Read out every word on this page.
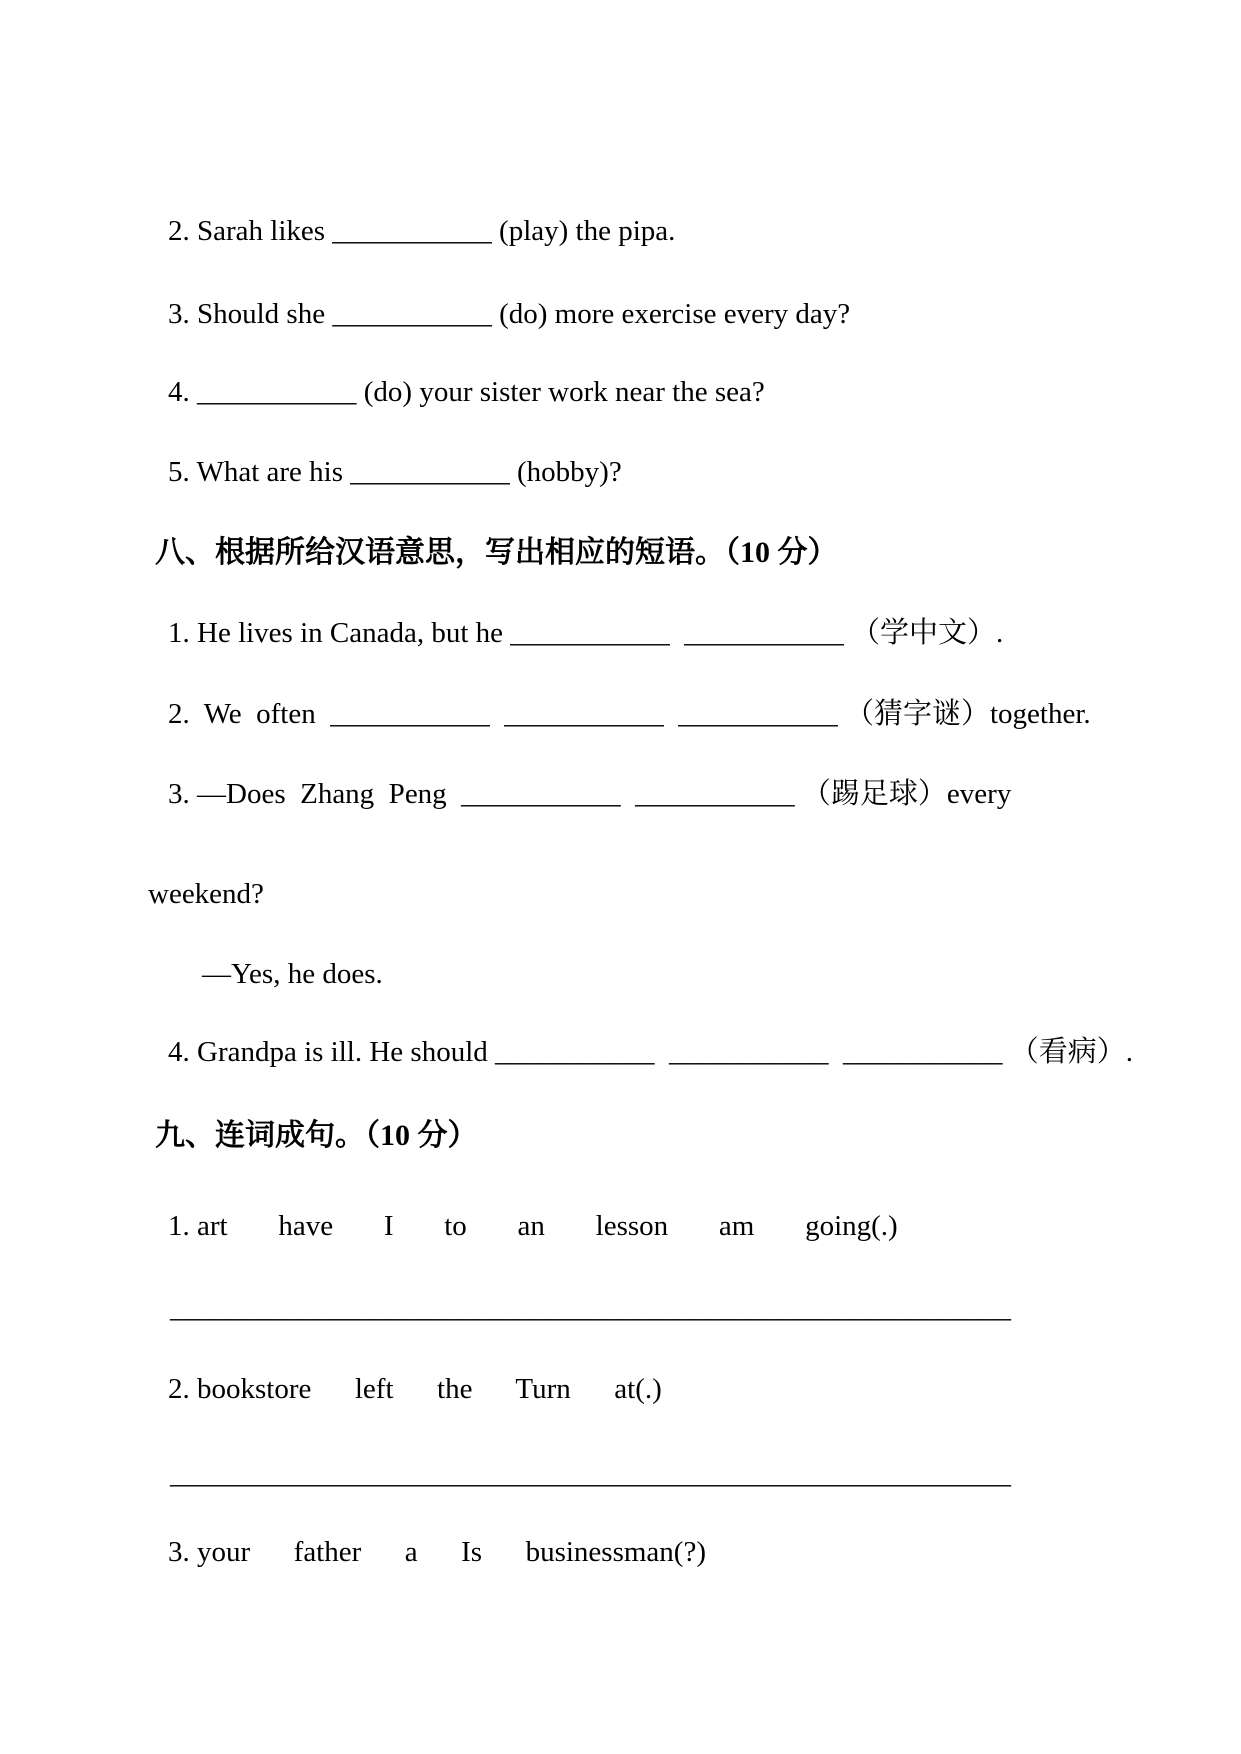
2. Sarah likes ___________ (play) the pipa.
3. Should she ___________ (do) more exercise every day?
4. ___________ (do) your sister work near the sea?
5. What are his ___________ (hobby)?
八、根据所给汉语意思，写出相应的短语。（10 分）
1. He lives in Canada, but he ___________  ___________ （学中文）.
2.  We  often  ___________  ___________  ___________ （猜字谜）together.
3. —Does  Zhang  Peng  ___________  ___________ （踢足球）every
weekend?
—Yes, he does.
4. Grandpa is ill. He should ___________  ___________  ___________ （看病）.
九、连词成句。（10 分）
1. art       have       I       to       an       lesson       am       going(.)
__________________________________________________________
2. bookstore      left      the      Turn      at(.)
__________________________________________________________
3. your      father      a      Is      businessman(?)
